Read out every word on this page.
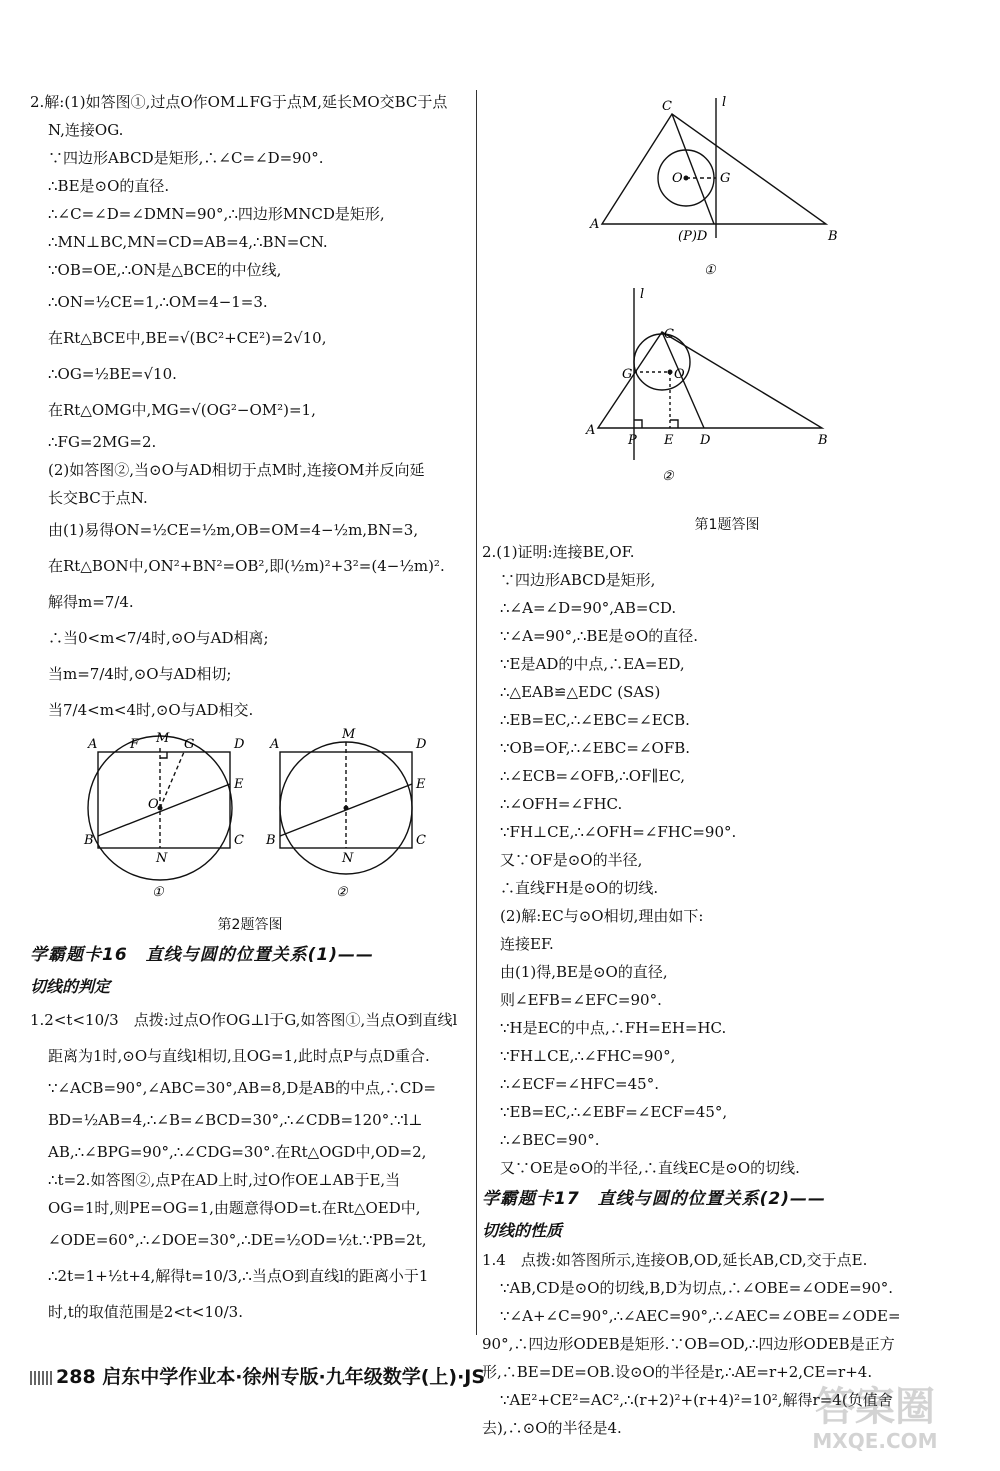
2.解:(1)如答图①,过点O作OM⊥FG于点M,延长MO交BC于点
N,连接OG.
∵四边形ABCD是矩形,∴∠C=∠D=90°.
∴BE是⊙O的直径.
∴∠C=∠D=∠DMN=90°,∴四边形MNCD是矩形,
∴MN⊥BC,MN=CD=AB=4,∴BN=CN.
∵OB=OE,∴ON是△BCE的中位线,
∴ON=½CE=1,∴OM=4−1=3.
在Rt△BCE中,BE=√(BC²+CE²)=2√10,
∴OG=½BE=√10.
在Rt△OMG中,MG=√(OG²−OM²)=1,
∴FG=2MG=2.
(2)如答图②,当⊙O与AD相切于点M时,连接OM并反向延
长交BC于点N.
由(1)易得ON=½CE=½m,OB=OM=4−½m,BN=3,
在Rt△BON中,ON²+BN²=OB²,即(½m)²+3²=(4−½m)².
解得m=7/4.
∴当0<m<7/4时,⊙O与AD相离;
当m=7/4时,⊙O与AD相切;
当7/4<m<4时,⊙O与AD相交.
A	F M G	D
O
E
B
N
C
①
A
M
D
E
B
N
C
②
第2题答图
学霸题卡16　直线与圆的位置关系(1)——
切线的判定
1.2<t<10/3　点拨:过点O作OG⊥l于G,如答图①,当点O到直线l
距离为1时,⊙O与直线l相切,且OG=1,此时点P与点D重合.
∵∠ACB=90°,∠ABC=30°,AB=8,D是AB的中点,∴CD=
BD=½AB=4,∴∠B=∠BCD=30°,∴∠CDB=120°.∵l⊥
AB,∴∠BPG=90°,∴∠CDG=30°.在Rt△OGD中,OD=2,
∴t=2.如答图②,点P在AD上时,过O作OE⊥AB于E,当
OG=1时,则PE=OG=1,由题意得OD=t.在Rt△OED中,
∠ODE=60°,∴∠DOE=30°,∴DE=½OD=½t.∵PB=2t,
∴2t=1+½t+4,解得t=10/3,∴当点O到直线l的距离小于1
时,t的取值范围是2<t<10/3.
C	l
O	G
A
(P)D	B
①
l
C
G	O
A
P E D	B
②
第1题答图
2.(1)证明:连接BE,OF.
∵四边形ABCD是矩形,
∴∠A=∠D=90°,AB=CD.
∵∠A=90°,∴BE是⊙O的直径.
∵E是AD的中点,∴EA=ED,
∴△EAB≌△EDC (SAS)
∴EB=EC,∴∠EBC=∠ECB.
∵OB=OF,∴∠EBC=∠OFB.
∴∠ECB=∠OFB,∴OF∥EC,
∴∠OFH=∠FHC.
∵FH⊥CE,∴∠OFH=∠FHC=90°.
又∵OF是⊙O的半径,
∴直线FH是⊙O的切线.
(2)解:EC与⊙O相切,理由如下:
连接EF.
由(1)得,BE是⊙O的直径,
则∠EFB=∠EFC=90°.
∵H是EC的中点,∴FH=EH=HC.
∵FH⊥CE,∴∠FHC=90°,
∴∠ECF=∠HFC=45°.
∵EB=EC,∴∠EBF=∠ECF=45°,
∴∠BEC=90°.
又∵OE是⊙O的半径,∴直线EC是⊙O的切线.
学霸题卡17　直线与圆的位置关系(2)——
切线的性质
1.4　点拨:如答图所示,连接OB,OD,延长AB,CD,交于点E.
∵AB,CD是⊙O的切线,B,D为切点,∴∠OBE=∠ODE=90°.
∵∠A+∠C=90°,∴∠AEC=90°,∴∠AEC=∠OBE=∠ODE=
90°,∴四边形ODEB是矩形.∵OB=OD,∴四边形ODEB是正方
形,∴BE=DE=OB.设⊙O的半径是r,∴AE=r+2,CE=r+4.
∵AE²+CE²=AC²,∴(r+2)²+(r+4)²=10²,解得r=4(负值舍
去),∴⊙O的半径是4.
288 启东中学作业本·徐州专版·九年级数学(上)·JS
答案圈
MXQE.COM
